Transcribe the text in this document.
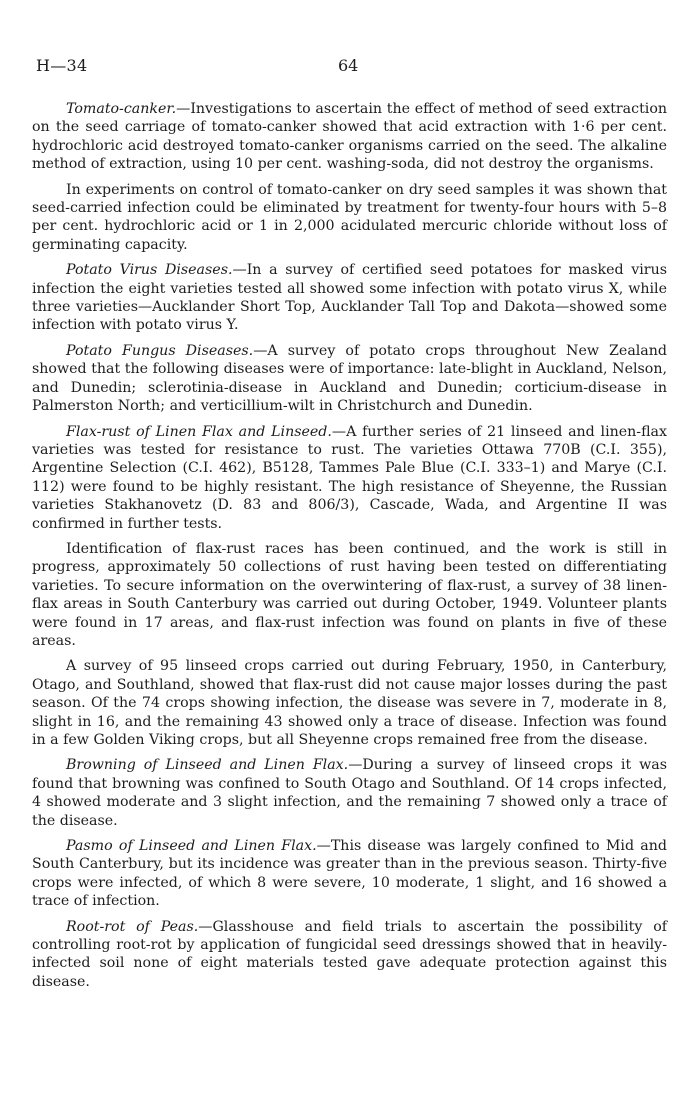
H—34	64

Tomato-canker.—Investigations to ascertain the effect of method of seed extraction on the seed carriage of tomato-canker showed that acid extraction with 1·6 per cent. hydrochloric acid destroyed tomato-canker organisms carried on the seed. The alkaline method of extraction, using 10 per cent. washing-soda, did not destroy the organisms.

In experiments on control of tomato-canker on dry seed samples it was shown that seed-carried infection could be eliminated by treatment for twenty-four hours with 5–8 per cent. hydrochloric acid or 1 in 2,000 acidulated mercuric chloride without loss of germinating capacity.

Potato Virus Diseases.—In a survey of certified seed potatoes for masked virus infection the eight varieties tested all showed some infection with potato virus X, while three varieties—Aucklander Short Top, Aucklander Tall Top and Dakota—showed some infection with potato virus Y.

Potato Fungus Diseases.—A survey of potato crops throughout New Zealand showed that the following diseases were of importance: late-blight in Auckland, Nelson, and Dunedin; sclerotinia-disease in Auckland and Dunedin; corticium-disease in Palmerston North; and verticillium-wilt in Christchurch and Dunedin.

Flax-rust of Linen Flax and Linseed.—A further series of 21 linseed and linen-flax varieties was tested for resistance to rust. The varieties Ottawa 770B (C.I. 355), Argentine Selection (C.I. 462), B5128, Tammes Pale Blue (C.I. 333–1) and Marye (C.I. 112) were found to be highly resistant. The high resistance of Sheyenne, the Russian varieties Stakhanovetz (D. 83 and 806/3), Cascade, Wada, and Argentine II was confirmed in further tests.

Identification of flax-rust races has been continued, and the work is still in progress, approximately 50 collections of rust having been tested on differentiating varieties. To secure information on the overwintering of flax-rust, a survey of 38 linen-flax areas in South Canterbury was carried out during October, 1949. Volunteer plants were found in 17 areas, and flax-rust infection was found on plants in five of these areas.

A survey of 95 linseed crops carried out during February, 1950, in Canterbury, Otago, and Southland, showed that flax-rust did not cause major losses during the past season. Of the 74 crops showing infection, the disease was severe in 7, moderate in 8, slight in 16, and the remaining 43 showed only a trace of disease. Infection was found in a few Golden Viking crops, but all Sheyenne crops remained free from the disease.

Browning of Linseed and Linen Flax.—During a survey of linseed crops it was found that browning was confined to South Otago and Southland. Of 14 crops infected, 4 showed moderate and 3 slight infection, and the remaining 7 showed only a trace of the disease.

Pasmo of Linseed and Linen Flax.—This disease was largely confined to Mid and South Canterbury, but its incidence was greater than in the previous season. Thirty-five crops were infected, of which 8 were severe, 10 moderate, 1 slight, and 16 showed a trace of infection.

Root-rot of Peas.—Glasshouse and field trials to ascertain the possibility of controlling root-rot by application of fungicidal seed dressings showed that in heavily-infected soil none of eight materials tested gave adequate protection against this disease.
